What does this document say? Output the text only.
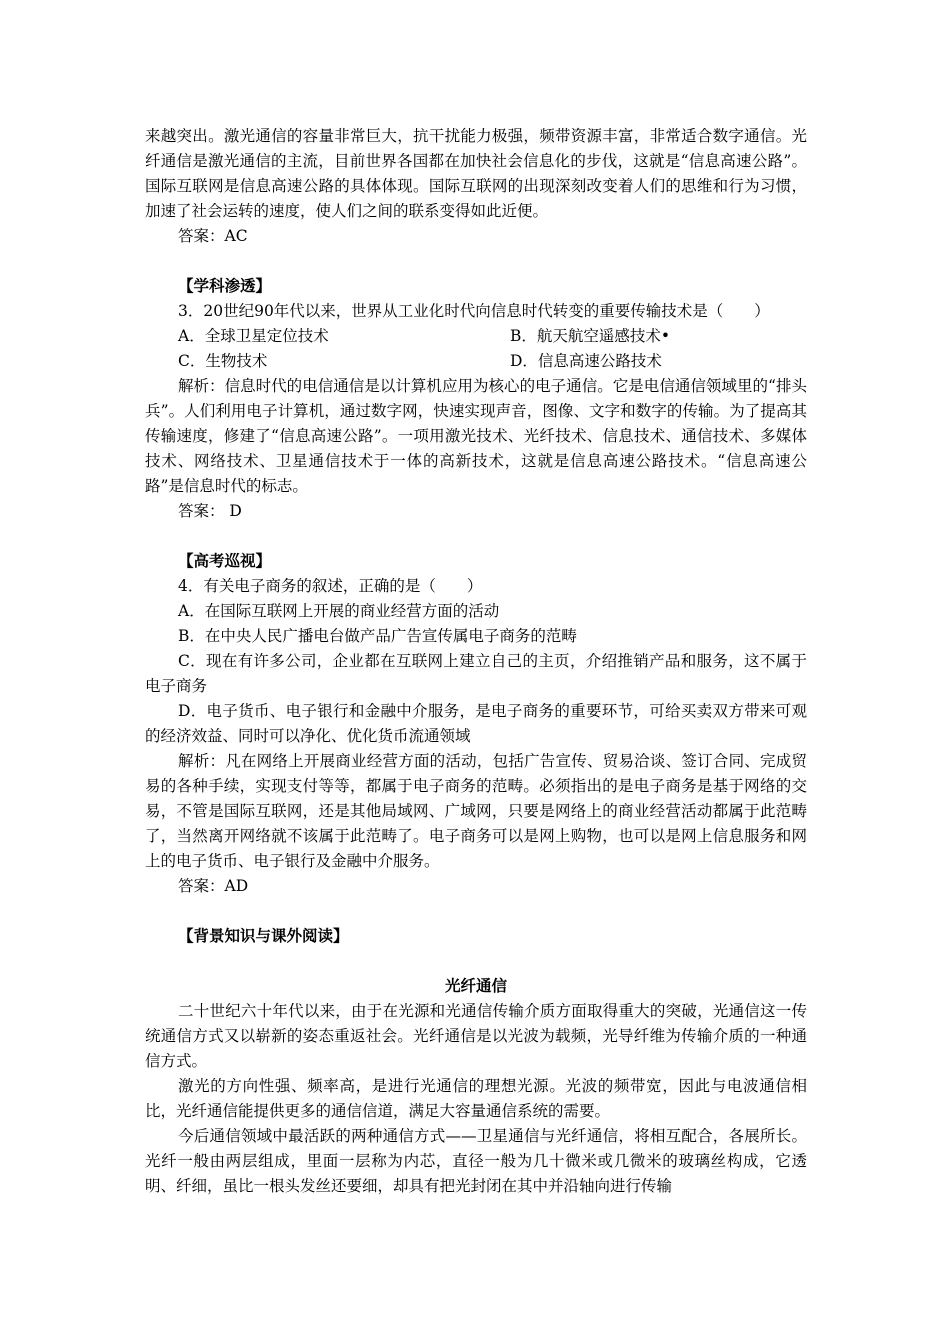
来越突出。激光通信的容量非常巨大，抗干扰能力极强，频带资源丰富，非常适合数字通信。光纤通信是激光通信的主流，目前世界各国都在加快社会信息化的步伐，这就是“信息高速公路”。 国际互联网是信息高速公路的具体体现。国际互联网的出现深刻改变着人们的思维和行为习惯，加速了社会运转的速度，使人们之间的联系变得如此近便。

答案：AC

【学科渗透】

3．20世纪90年代以来，世界从工业化时代向信息时代转变的重要传输技术是（　　）

A．全球卫星定位技术	B．航天航空遥感技术•
C．生物技术	D．信息高速公路技术

解析：信息时代的电信通信是以计算机应用为核心的电子通信。它是电信通信领域里的“排头兵”。人们利用电子计算机，通过数字网，快速实现声音，图像、文字和数字的传输。为了提高其传输速度，修建了“信息高速公路”。一项用激光技术、光纤技术、信息技术、通信技术、多媒体技术、网络技术、卫星通信技术于一体的高新技术，这就是信息高速公路技术。“信息高速公路”是信息时代的标志。

答案： D

【高考巡视】

4．有关电子商务的叙述，正确的是（　　）

A．在国际互联网上开展的商业经营方面的活动

B．在中央人民广播电台做产品广告宣传属电子商务的范畴

C．现在有许多公司，企业都在互联网上建立自己的主页，介绍推销产品和服务，这不属于电子商务

D．电子货币、电子银行和金融中介服务，是电子商务的重要环节，可给买卖双方带来可观的经济效益、同时可以净化、优化货币流通领域

解析：凡在网络上开展商业经营方面的活动，包括广告宣传、贸易洽谈、签订合同、完成贸易的各种手续，实现支付等等，都属于电子商务的范畴。必须指出的是电子商务是基于网络的交易，不管是国际互联网，还是其他局域网、广域网，只要是网络上的商业经营活动都属于此范畴了，当然离开网络就不该属于此范畴了。电子商务可以是网上购物，也可以是网上信息服务和网上的电子货币、电子银行及金融中介服务。

答案：AD

【背景知识与课外阅读】
光纤通信

二十世纪六十年代以来，由于在光源和光通信传输介质方面取得重大的突破，光通信这一传统通信方式又以崭新的姿态重返社会。光纤通信是以光波为载频，光导纤维为传输介质的一种通信方式。

激光的方向性强、频率高，是进行光通信的理想光源。光波的频带宽，因此与电波通信相比，光纤通信能提供更多的通信信道，满足大容量通信系统的需要。

今后通信领域中最活跃的两种通信方式——卫星通信与光纤通信，将相互配合，各展所长。光纤一般由两层组成，里面一层称为内芯，直径一般为几十微米或几微米的玻璃丝构成，它透明、纤细，虽比一根头发丝还要细，却具有把光封闭在其中并沿轴向进行传输
